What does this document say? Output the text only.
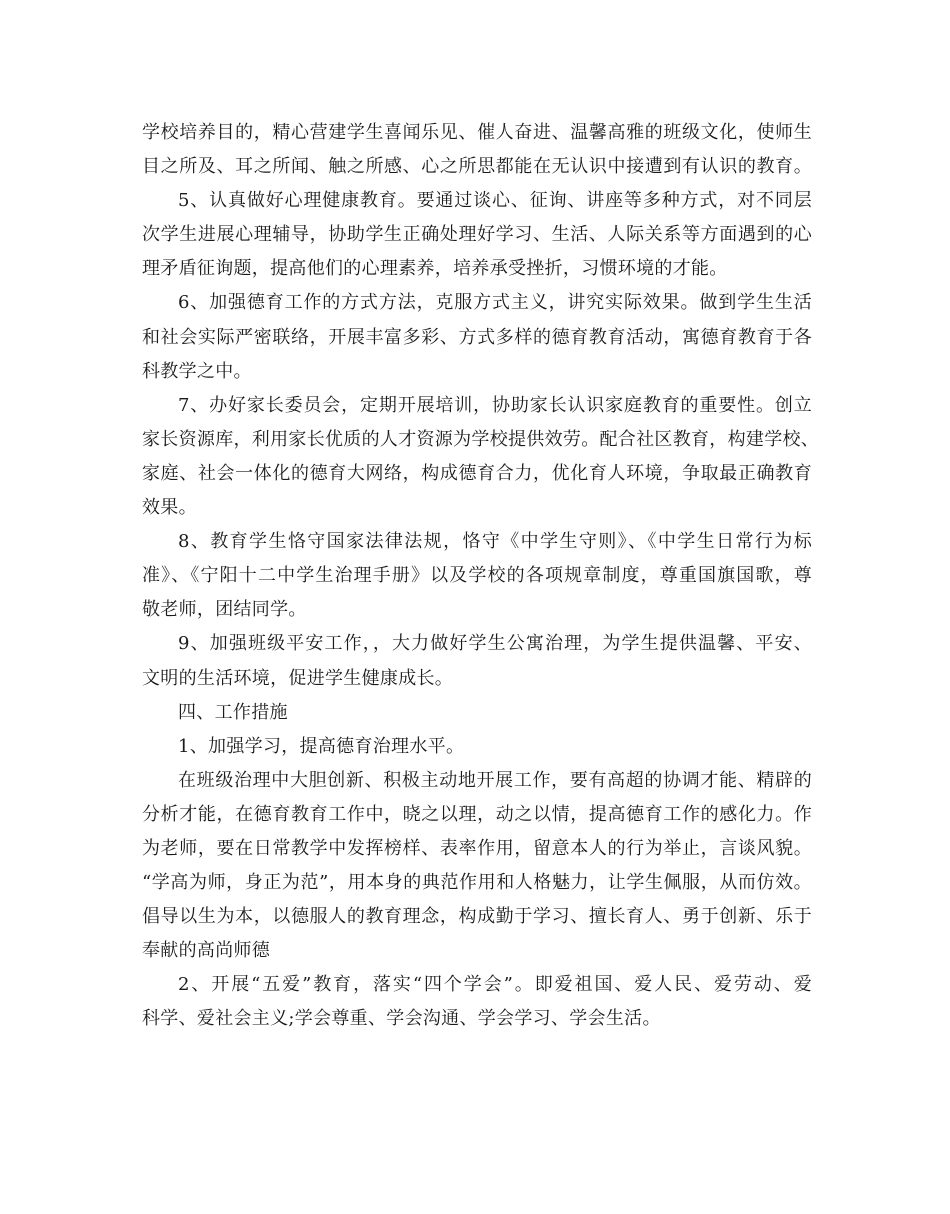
学校培养目的，精心营建学生喜闻乐见、催人奋进、温馨高雅的班级文化，使师生
目之所及、耳之所闻、触之所感、心之所思都能在无认识中接遭到有认识的教育。
5、认真做好心理健康教育。要通过谈心、征询、讲座等多种方式，对不同层
次学生进展心理辅导，协助学生正确处理好学习、生活、人际关系等方面遇到的心
理矛盾征询题，提高他们的心理素养，培养承受挫折，习惯环境的才能。
6、加强德育工作的方式方法，克服方式主义，讲究实际效果。做到学生生活
和社会实际严密联络，开展丰富多彩、方式多样的德育教育活动，寓德育教育于各
科教学之中。
7、办好家长委员会，定期开展培训，协助家长认识家庭教育的重要性。创立
家长资源库，利用家长优质的人才资源为学校提供效劳。配合社区教育，构建学校、
家庭、社会一体化的德育大网络，构成德育合力，优化育人环境，争取最正确教育
效果。
8、教育学生恪守国家法律法规，恪守《中学生守则》、《中学生日常行为标
准》、《宁阳十二中学生治理手册》以及学校的各项规章制度，尊重国旗国歌，尊
敬老师，团结同学。
9、加强班级平安工作，，大力做好学生公寓治理，为学生提供温馨、平安、
文明的生活环境，促进学生健康成长。
四、工作措施
1、加强学习，提高德育治理水平。
在班级治理中大胆创新、积极主动地开展工作，要有高超的协调才能、精辟的
分析才能，在德育教育工作中，晓之以理，动之以情，提高德育工作的感化力。作
为老师，要在日常教学中发挥榜样、表率作用，留意本人的行为举止，言谈风貌。
“学高为师，身正为范”，用本身的典范作用和人格魅力，让学生佩服，从而仿效。
倡导以生为本，以德服人的教育理念，构成勤于学习、擅长育人、勇于创新、乐于
奉献的高尚师德
2、开展“五爱”教育，落实“四个学会”。即爱祖国、爱人民、爱劳动、爱
科学、爱社会主义;学会尊重、学会沟通、学会学习、学会生活。
